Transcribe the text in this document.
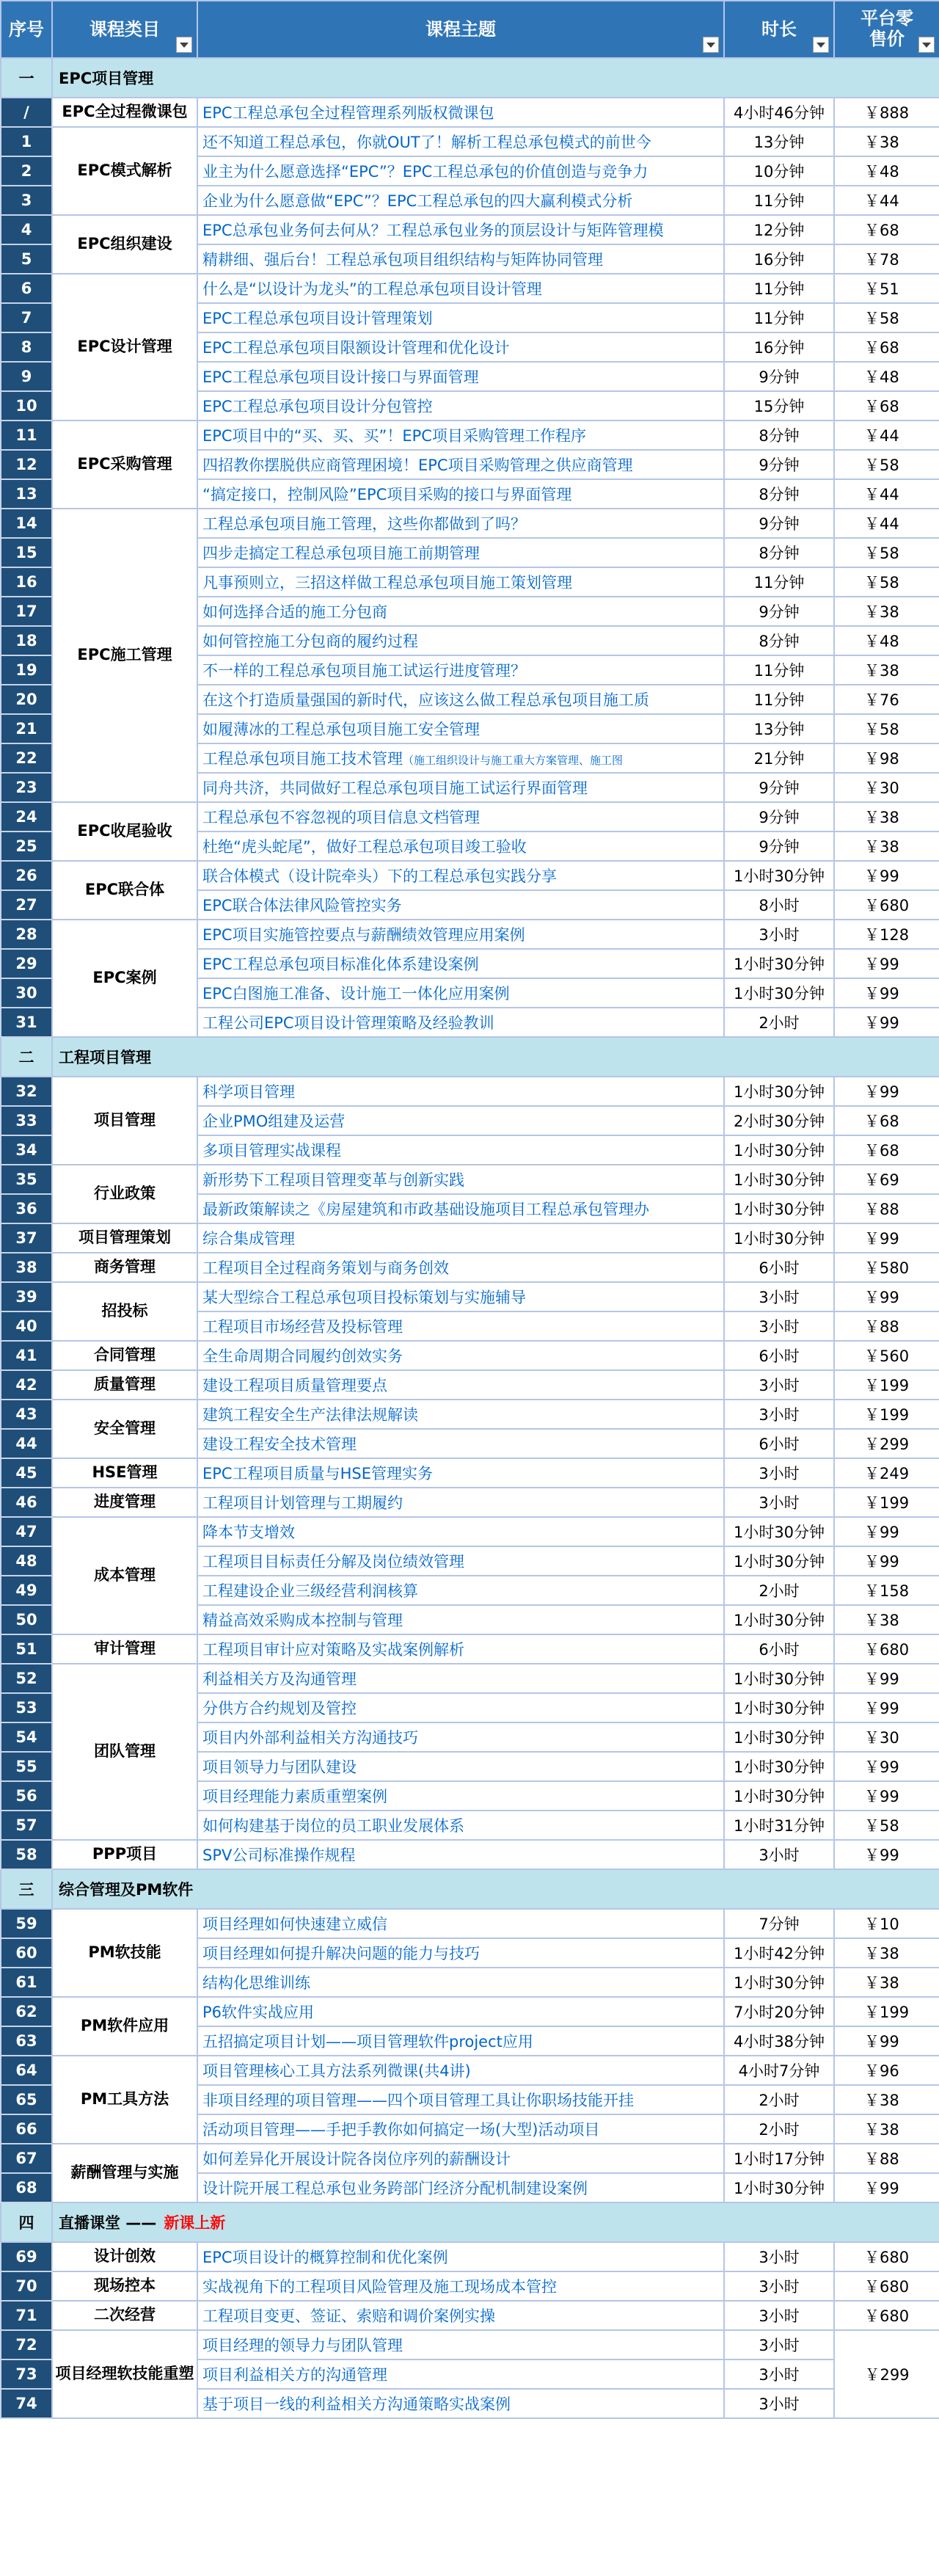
序号	课程类目	课程主题	时长	平台零售价

一	EPC项目管理			
/	EPC全过程微课包	EPC工程总承包全过程管理系列版权微课包	4小时46分钟	￥888
1	EPC模式解析	还不知道工程总承包，你就OUT了！解析工程总承包模式的前世今	13分钟	￥38
2		业主为什么愿意选择“EPC”？EPC工程总承包的价值创造与竞争力	10分钟	￥48
3		企业为什么愿意做“EPC”？EPC工程总承包的四大赢利模式分析	11分钟	￥44
4	EPC组织建设	EPC总承包业务何去何从？工程总承包业务的顶层设计与矩阵管理模	12分钟	￥68
5		精耕细、强后台！工程总承包项目组织结构与矩阵协同管理	16分钟	￥78
6	EPC设计管理	什么是“以设计为龙头”的工程总承包项目设计管理	11分钟	￥51
7		EPC工程总承包项目设计管理策划	11分钟	￥58
8		EPC工程总承包项目限额设计管理和优化设计	16分钟	￥68
9		EPC工程总承包项目设计接口与界面管理	9分钟	￥48
10		EPC工程总承包项目设计分包管控	15分钟	￥68
11	EPC采购管理	EPC项目中的“买、买、买”！EPC项目采购管理工作程序	8分钟	￥44
12		四招教你摆脱供应商管理困境！EPC项目采购管理之供应商管理	9分钟	￥58
13		“搞定接口，控制风险”EPC项目采购的接口与界面管理	8分钟	￥44
14	EPC施工管理	工程总承包项目施工管理，这些你都做到了吗？	9分钟	￥44
15		四步走搞定工程总承包项目施工前期管理	8分钟	￥58
16		凡事预则立，三招这样做工程总承包项目施工策划管理	11分钟	￥58
17		如何选择合适的施工分包商	9分钟	￥38
18		如何管控施工分包商的履约过程	8分钟	￥48
19		不一样的工程总承包项目施工试运行进度管理？	11分钟	￥38
20		在这个打造质量强国的新时代，应该这么做工程总承包项目施工质	11分钟	￥76
21		如履薄冰的工程总承包项目施工安全管理	13分钟	￥58
22		工程总承包项目施工技术管理（施工组织设计与施工重大方案管理、施工图	21分钟	￥98
23		同舟共济，共同做好工程总承包项目施工试运行界面管理	9分钟	￥30
24	EPC收尾验收	工程总承包不容忽视的项目信息文档管理	9分钟	￥38
25		杜绝“虎头蛇尾”，做好工程总承包项目竣工验收	9分钟	￥38
26	EPC联合体	联合体模式（设计院牵头）下的工程总承包实践分享	1小时30分钟	￥99
27		EPC联合体法律风险管控实务	8小时	￥680
28	EPC案例	EPC项目实施管控要点与薪酬绩效管理应用案例	3小时	￥128
29		EPC工程总承包项目标准化体系建设案例	1小时30分钟	￥99
30		EPC白图施工准备、设计施工一体化应用案例	1小时30分钟	￥99
31		工程公司EPC项目设计管理策略及经验教训	2小时	￥99
二	工程项目管理			
32	项目管理	科学项目管理	1小时30分钟	￥99
33		企业PMO组建及运营	2小时30分钟	￥68
34		多项目管理实战课程	1小时30分钟	￥68
35	行业政策	新形势下工程项目管理变革与创新实践	1小时30分钟	￥69
36		最新政策解读之《房屋建筑和市政基础设施项目工程总承包管理办	1小时30分钟	￥88
37	项目管理策划	综合集成管理	1小时30分钟	￥99
38	商务管理	工程项目全过程商务策划与商务创效	6小时	￥580
39	招投标	某大型综合工程总承包项目投标策划与实施辅导	3小时	￥99
40		工程项目市场经营及投标管理	3小时	￥88
41	合同管理	全生命周期合同履约创效实务	6小时	￥560
42	质量管理	建设工程项目质量管理要点	3小时	￥199
43	安全管理	建筑工程安全生产法律法规解读	3小时	￥199
44		建设工程安全技术管理	6小时	￥299
45	HSE管理	EPC工程项目质量与HSE管理实务	3小时	￥249
46	进度管理	工程项目计划管理与工期履约	3小时	￥199
47	成本管理	降本节支增效	1小时30分钟	￥99
48		工程项目目标责任分解及岗位绩效管理	1小时30分钟	￥99
49		工程建设企业三级经营利润核算	2小时	￥158
50		精益高效采购成本控制与管理	1小时30分钟	￥38
51	审计管理	工程项目审计应对策略及实战案例解析	6小时	￥680
52	团队管理	利益相关方及沟通管理	1小时30分钟	￥99
53		分供方合约规划及管控	1小时30分钟	￥99
54		项目内外部利益相关方沟通技巧	1小时30分钟	￥30
55		项目领导力与团队建设	1小时30分钟	￥99
56		项目经理能力素质重塑案例	1小时30分钟	￥99
57		如何构建基于岗位的员工职业发展体系	1小时31分钟	￥58
58	PPP项目	SPV公司标准操作规程	3小时	￥99
三	综合管理及PM软件			
59	PM软技能	项目经理如何快速建立威信	7分钟	￥10
60		项目经理如何提升解决问题的能力与技巧	1小时42分钟	￥38
61		结构化思维训练	1小时30分钟	￥38
62	PM软件应用	P6软件实战应用	7小时20分钟	￥199
63		五招搞定项目计划——项目管理软件project应用	4小时38分钟	￥99
64	PM工具方法	项目管理核心工具方法系列微课(共4讲)	4小时7分钟	￥96
65		非项目经理的项目管理——四个项目管理工具让你职场技能开挂	2小时	￥38
66		活动项目管理——手把手教你如何搞定一场(大型)活动项目	2小时	￥38
67	薪酬管理与实施	如何差异化开展设计院各岗位序列的薪酬设计	1小时17分钟	￥88
68		设计院开展工程总承包业务跨部门经济分配机制建设案例	1小时30分钟	￥99
四	直播课堂 —— 新课上新			
69	设计创效	EPC项目设计的概算控制和优化案例	3小时	￥680
70	现场控本	实战视角下的工程项目风险管理及施工现场成本管控	3小时	￥680
71	二次经营	工程项目变更、签证、索赔和调价案例实操	3小时	￥680
72	项目经理软技能重塑	项目经理的领导力与团队管理	3小时	￥299
73		项目利益相关方的沟通管理	3小时	
74		基于项目一线的利益相关方沟通策略实战案例	3小时	
